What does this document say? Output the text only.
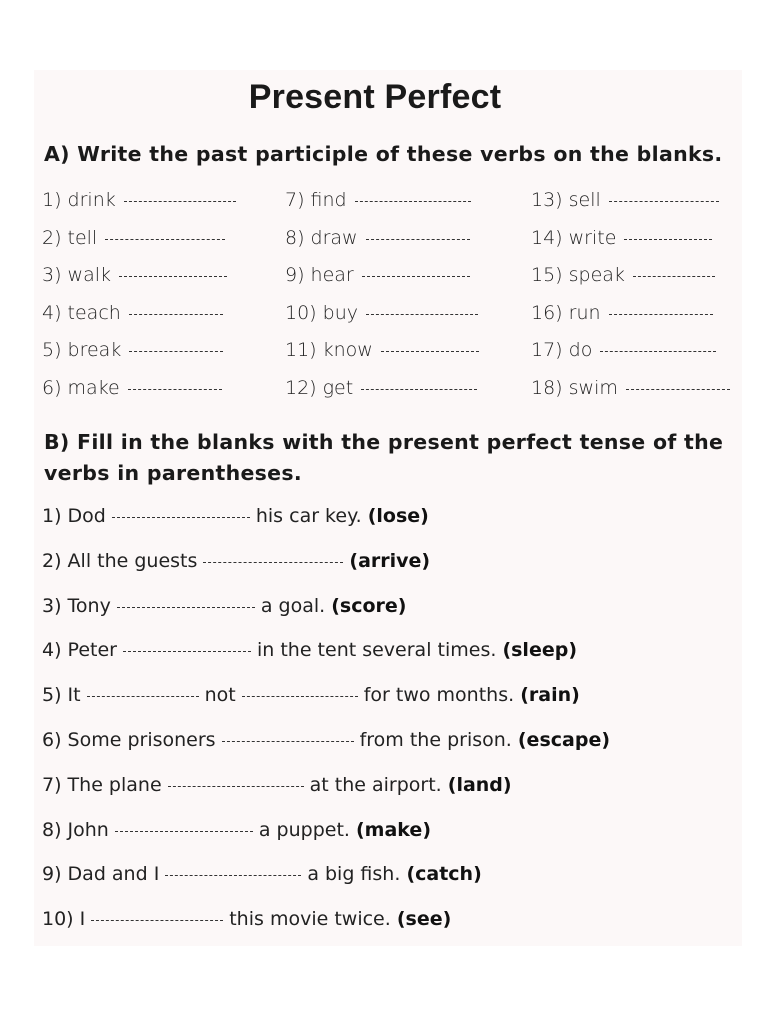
Present Perfect
A) Write the past participle of these verbs on the blanks.
1) drink
2) tell
3) walk
4) teach
5) break
6) make
7) find
8) draw
9) hear
10) buy
11) know
12) get
13) sell
14) write
15) speak
16) run
17) do
18) swim
B) Fill in the blanks with the present perfect tense of the verbs in parentheses.
1) Dod	his car key. (lose)
2) All the guests	(arrive)
3) Tony	a goal. (score)
4) Peter	in the tent several times. (sleep)
5) It	not	for two months. (rain)
6) Some prisoners	from the prison. (escape)
7) The plane	at the airport. (land)
8) John	a puppet. (make)
9) Dad and I	a big fish. (catch)
10) I	this movie twice. (see)
